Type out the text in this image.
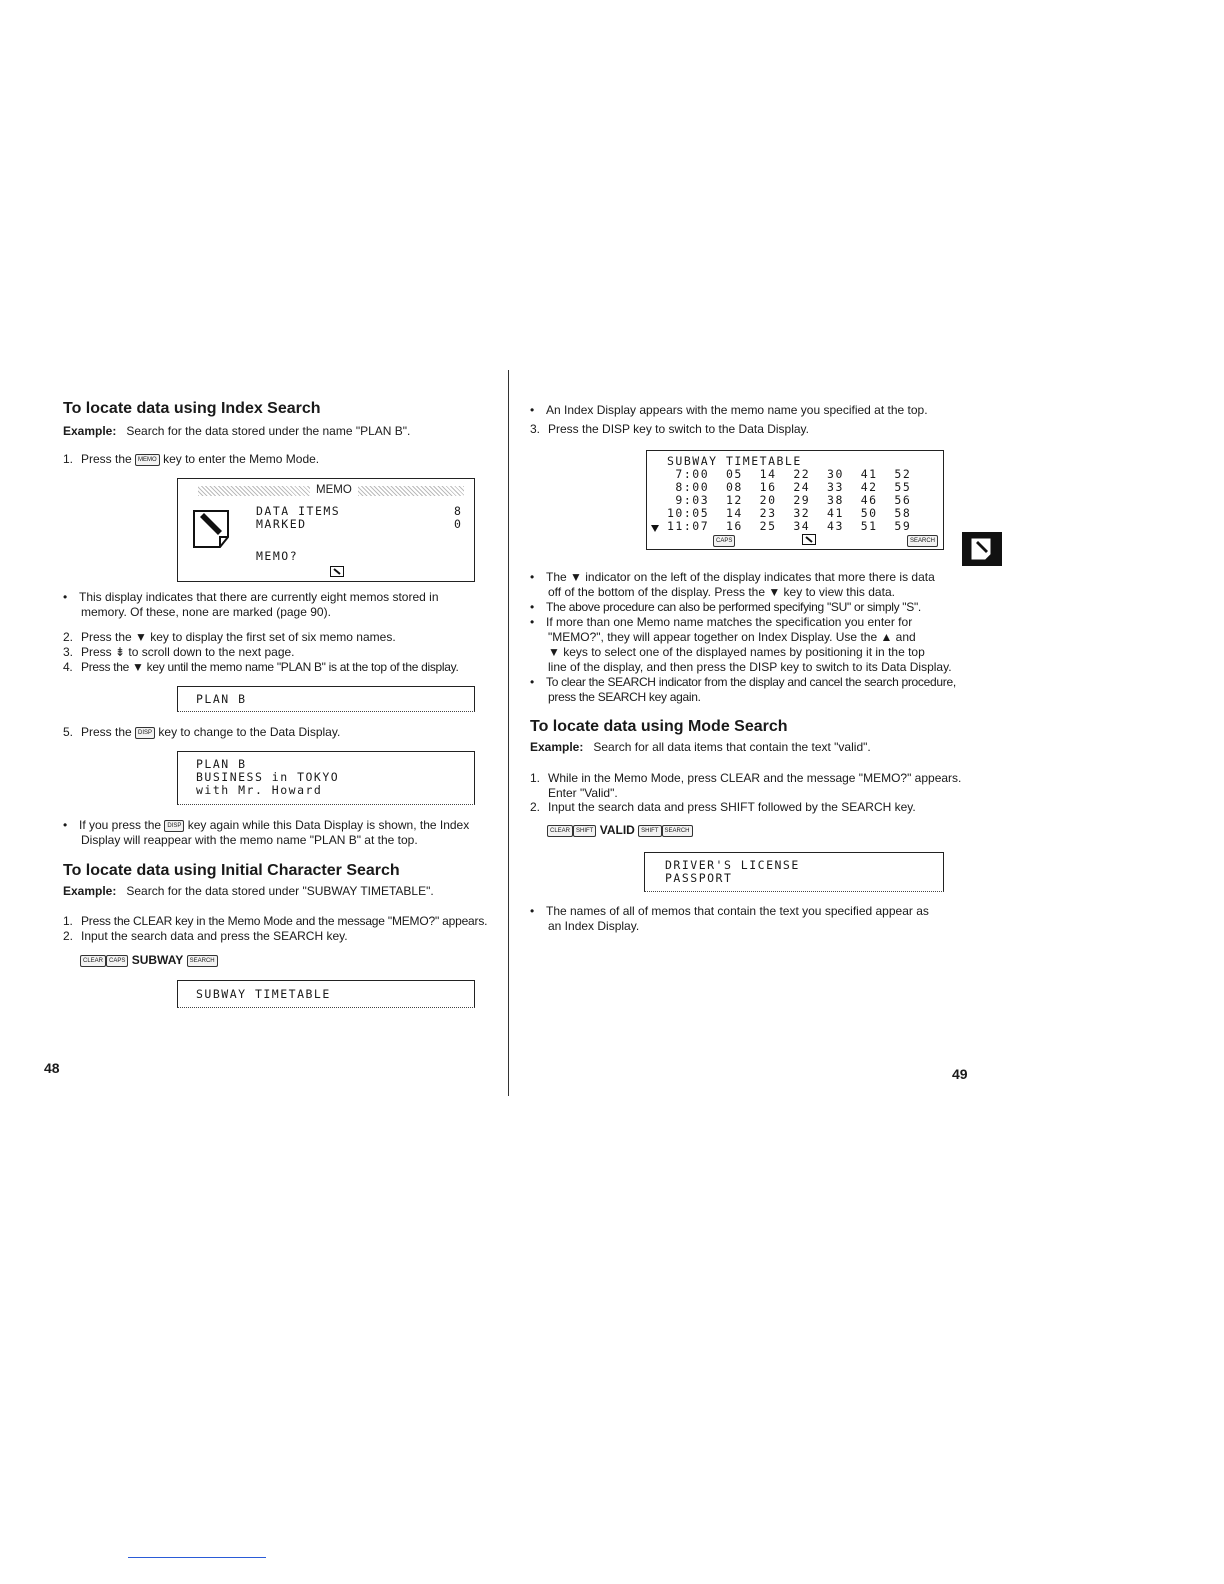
To locate data using Index Search

Example: Search for the data stored under the name "PLAN B".

1. Press the MEMO key to enter the Memo Mode.

MEMO
DATA ITEMS	8
MARKED	0
MEMO?

• This display indicates that there are currently eight memos stored in
memory. Of these, none are marked (page 90).

2. Press the ▼ key to display the first set of six memo names.

3. Press ⇟ to scroll down to the next page.

4. Press the ▼ key until the memo name "PLAN B" is at the top of the display.

PLAN B

5. Press the DISP key to change to the Data Display.

PLAN B
BUSINESS in TOKYO
with Mr. Howard

• If you press the DISP key again while this Data Display is shown, the Index
Display will reappear with the memo name "PLAN B" at the top.

To locate data using Initial Character Search

Example: Search for the data stored under "SUBWAY TIMETABLE".

1. Press the CLEAR key in the Memo Mode and the message "MEMO?" appears.

2. Input the search data and press the SEARCH key.

CLEAR CAPS SUBWAY SEARCH

SUBWAY TIMETABLE
48

• An Index Display appears with the memo name you specified at the top.

3. Press the DISP key to switch to the Data Display.

SUBWAY TIMETABLE
7:00  05  14  22  30  41  52
8:00  08  16  24  33  42  55
9:03  12  20  29  38  46  56
10:05  14  23  32  41  50  58
11:07  16  25  34  43  51  59
CAPS	SEARCH

• The ▼ indicator on the left of the display indicates that more there is data
off of the bottom of the display. Press the ▼ key to view this data.

• The above procedure can also be performed specifying "SU" or simply "S".

• If more than one Memo name matches the specification you enter for
"MEMO?", they will appear together on Index Display. Use the ▲ and
▼ keys to select one of the displayed names by positioning it in the top
line of the display, and then press the DISP key to switch to its Data Display.

• To clear the SEARCH indicator from the display and cancel the search procedure,
press the SEARCH key again.

To locate data using Mode Search

Example: Search for all data items that contain the text "valid".

1. While in the Memo Mode, press CLEAR and the message "MEMO?" appears.
Enter "Valid".

2. Input the search data and press SHIFT followed by the SEARCH key.

CLEAR SHIFT VALID SHIFT SEARCH

DRIVER'S LICENSE
PASSPORT

• The names of all of memos that contain the text you specified appear as
an Index Display.

49
